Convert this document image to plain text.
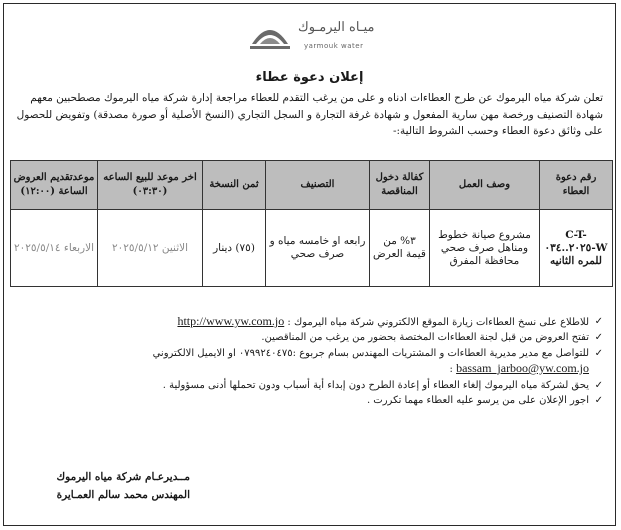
ميـاه اليرمـوك
yarmouk water
إعلان دعوة عطاء
تعلن شركة مياه اليرموك عن طرح العطاءات ادناه و على من يرغب التقدم للعطاء مراجعة إدارة شركة مياه اليرموك مصطحبين معهم شهادة التصنيف ورخصة مهن سارية المفعول و شهادة غرفة التجارة و السجل التجاري (النسخ الأصلية أو صورة مصدقة) وتفويض للحصول على وثائق دعوة العطاء وحسب الشروط التالية:-
رقم دعوة العطاء	وصف العمل	كفالة دخول المناقصة	التصنيف	ثمن النسخة	اخر موعد للبيع الساعه (٠٣:٣٠)	موعدتقديم العروض الساعة (١٢:٠٠)
C-T-W-٢٠٢٥..٠٣٤ للمره الثانيه	مشروع صيانة خطوط ومناهل صرف صحي محافظة المفرق	٣% من قيمة العرض	رابعه او خامسه مياه و صرف صحي	(٧٥) دينار	الاثنين ٢٠٢٥/٥/١٢	الاربعاء ٢٠٢٥/٥/١٤
✓
للاطلاع على نسخ العطاءات زيارة الموقع الالكتروني شركة مياه اليرموك : http://www.yw.com.jo
✓
تفتح العروض من قبل لجنة العطاءات المختصة بحضور من يرغب من المناقصين.
✓
للتواصل مع مدير مديرية العطاءات و المشتريات المهندس بسام جربوع :٠٧٩٩٢٤٠٤٧٥ او الايميل الالكتروني
bassam_jarboo@yw.com.jo :
✓
يحق لشركة مياه اليرموك إلغاء العطاء أو إعادة الطرح دون إبداء أية أسباب ودون تحملها أدنى مسؤولية .
✓
اجور الإعلان على من يرسو عليه العطاء مهما تكررت .
مــديرعـام شركة مياه اليرموك
المهندس محمد سالم العمـايرة
